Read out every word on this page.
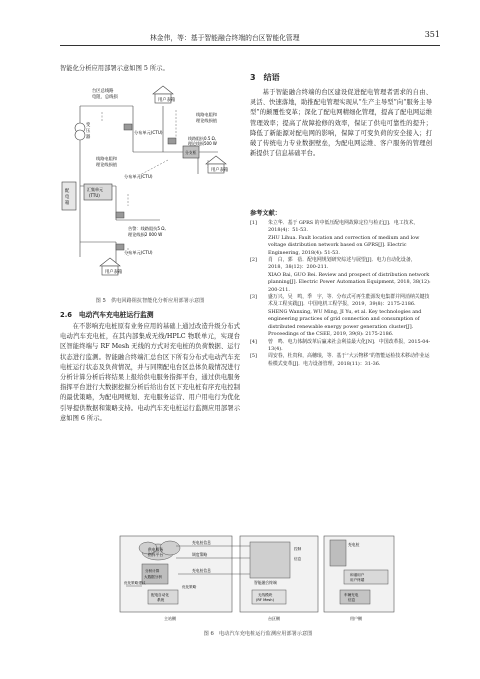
林金伟，等：基于智能融合终端的台区智能化管理	351

智能化分析应用部署示意如图 5 所示。

用户表箱
用户表箱
用户表箱
配
电
箱
汇集单元
(TTU)
分支柜
台区总线路
电阻、总线损
变
压
器
分布单元(CTU)
线路电阻和
理论线损值
线路电阻和
理论线损值
线路阻抗0.5 Ω,
理论线损500 W
分布单元(CTU)
告警：线路阻抗5 Ω,
理论线损2 000 W
分布单元(CTU)
图 5　供电回路阻抗智能化分析应用部署示意图
2.6　电动汽车充电桩运行监测

在不影响充电桩原有业务应用的基础上通过改造升级分布式电动汽车充电桩，在其内部集成无线/HPLC 物联单元，实现台区智能终端与 RF Mesh 无线的方式对充电桩的负荷数据、运行状态进行监测。智能融合终端汇总台区下所有分布式电动汽车充电桩运行状态及负荷情况，并与同期配电台区总体负载情况进行分析计算分析后将结果上报给供电服务指挥平台，通过供电服务指挥平台进行大数据挖掘分析后给出台区下充电桩有序充电控制的最优策略，为配电网规划、充电服务运营、用户用电行为优化引导提供数据和策略支持。电动汽车充电桩运行监测应用部署示意如图 6 所示。

3　结语

基于智能融合终端的台区建设促进配电管理者需求的自由、灵活、快速落地，助推配电管理实现从“生产主导型”向“服务主导型”的颠覆性变革；深化了配电网精细化管理，提高了配电网运维管理效率；提高了故障抢修的效率，保证了供电可靠性的提升；降低了新能源对配电网的影响，保障了可变负荷的安全接入；打破了传统电力专业数据壁垒，为配电网运维、客户服务的管理创新提供了信息基础平台。

参考文献：
[1] 朱立华．基于 GPRS 的中低压配电网故障定位与检正[J]．电工技术，2018(4)：51-53.
ZHU Lihua. Fault location and correction of medium and low voltage distribution network based on GPRS[J]. Electric Engineering, 2018(4): 51-53.
[2] 肖　白，郭　蓓．配电网规划研究综述与展望[J]．电力自动化设备，2018，38(12)：200-211.
XIAO Bai, GUO Bei. Review and prospect of distribution network planning[J]. Electric Power Automation Equipment, 2018, 38(12): 200-211.
[3] 盛万兴，吴　鸣，季　宇，等．分布式可再生能源发电集群并网消纳关键技术及工程实践[J]．中国电机工程学报，2019，39(8)：2175-2186.
SHENG Wanxing, WU Ming, JI Yu, et al. Key technologies and engineering practices of grid connection and consumption of distributed renewable energy power generation cluster[J]. Proceedings of the CSEE, 2019, 39(8): 2175-2186.
[4] 曾　鸣．电力体制改革后赢来社会利益最大化[N]．中国改革报，2015-04-13(4).
[5] 周安春，杜贵和，高穗琅，等．基于“大云物移”的智能运检技术移动作业运检模式变革[J]．电力设备管理，2018(11)：31-36.
供电服务
指挥平台
分析计算
大数据分析
配电自动化
系统
充电桩信息
调度策略
充电桩信息
优化策略
优化策略建议	智能融合终端
控制
信息
无线模块
(RF Mesh)
充电桩
和谐用户
用户终端
车辆充电
信息
主站侧	台区侧	用户侧
图 6　电动汽车充电桩运行监测应用部署示意图
